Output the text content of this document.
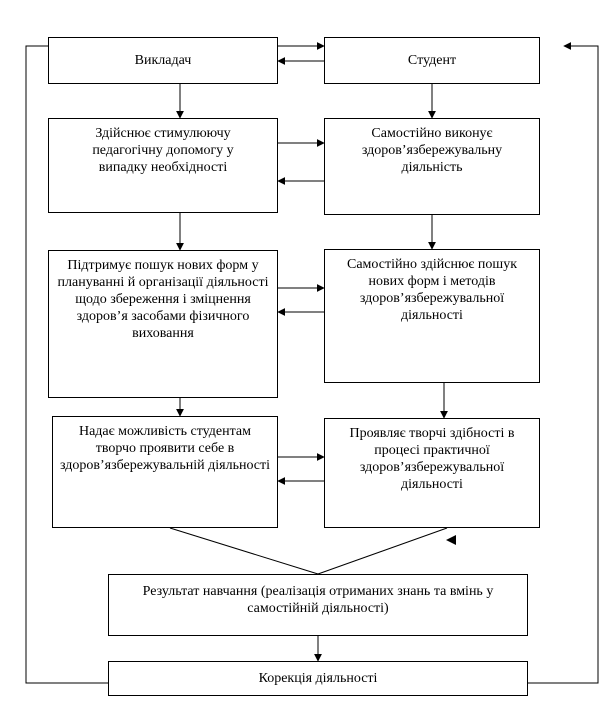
Викладач	Студент
Здійснює стимулюючу педагогічну допомогу у випадку необхідності
Самостійно виконує здоров’язбережувальну діяльність
Підтримує пошук нових форм у плануванні й організації діяльності щодо збереження і зміцнення здоров’я засобами фізичного виховання
Самостійно здійснює пошук нових форм і методів здоров’язбережувальної діяльності
Надає можливість студентам творчо проявити себе в здоров’язбережувальній діяльності
Проявляє творчі здібності в процесі практичної здоров’язбережувальної діяльності
Результат навчання (реалізація отриманих знань та вмінь у самостійній діяльності)
Корекція діяльності
